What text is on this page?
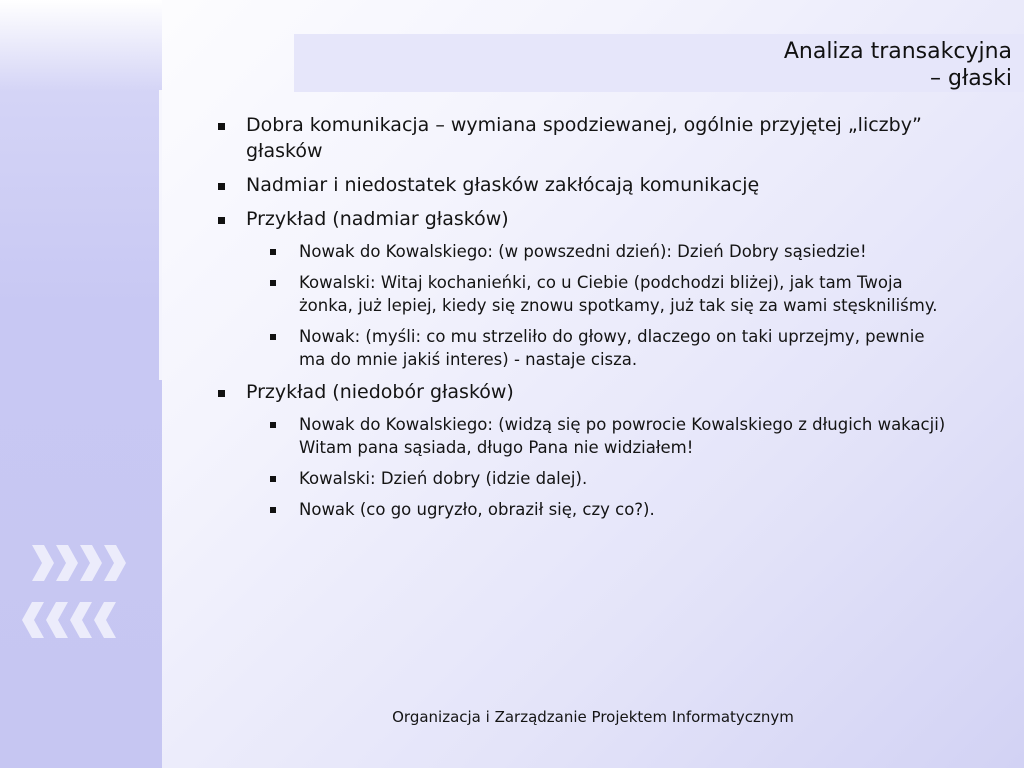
Analiza transakcyjna
– głaski
Dobra komunikacja – wymiana spodziewanej, ogólnie przyjętej „liczby” głasków
Nadmiar i niedostatek głasków zakłócają komunikację
Przykład (nadmiar głasków)
Nowak do Kowalskiego: (w powszedni dzień): Dzień Dobry sąsiedzie!
Kowalski: Witaj kochanieńki, co u Ciebie (podchodzi bliżej), jak tam Twoja żonka, już lepiej, kiedy się znowu spotkamy, już tak się za wami stęskniliśmy.
Nowak: (myśli: co mu strzeliło do głowy, dlaczego on taki uprzejmy, pewnie ma do mnie jakiś interes) - nastaje cisza.
Przykład (niedobór głasków)
Nowak do Kowalskiego: (widzą się po powrocie Kowalskiego z długich wakacji) Witam pana sąsiada, długo Pana nie widziałem!
Kowalski: Dzień dobry (idzie dalej).
Nowak (co go ugryzło, obraził się, czy co?).
Organizacja i Zarządzanie Projektem Informatycznym
